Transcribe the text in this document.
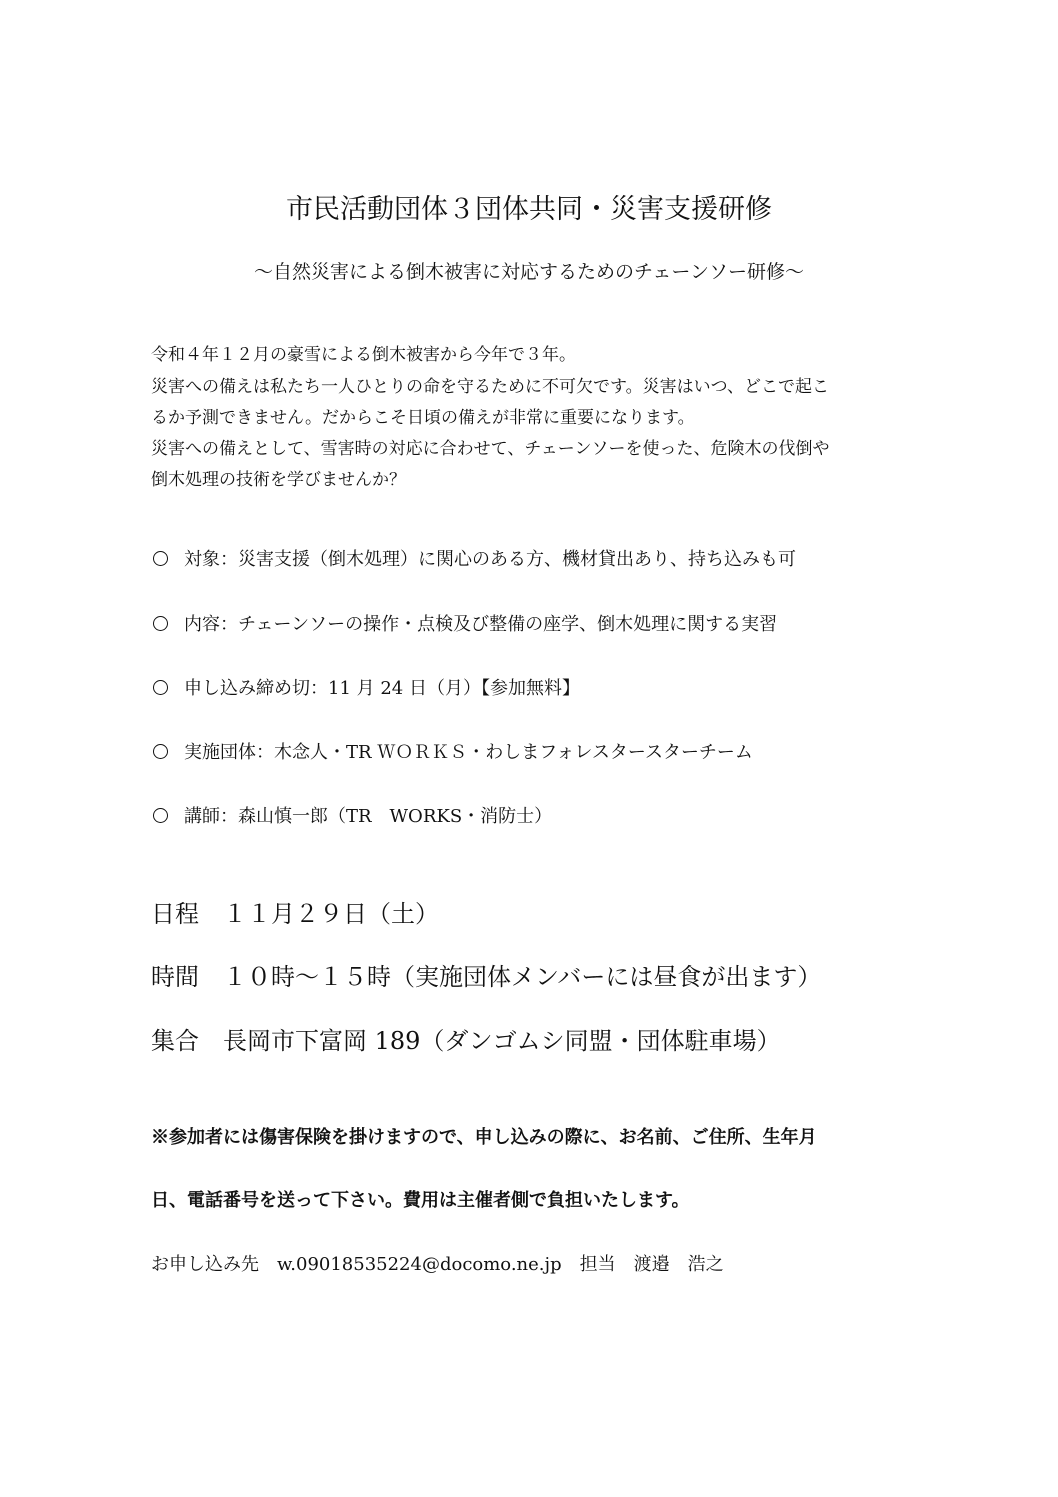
市民活動団体３団体共同・災害支援研修
～自然災害による倒木被害に対応するためのチェーンソー研修～
令和４年１２月の豪雪による倒木被害から今年で３年。
災害への備えは私たち一人ひとりの命を守るために不可欠です。災害はいつ、どこで起こ
るか予測できません。だからこそ日頃の備えが非常に重要になります。
災害への備えとして、雪害時の対応に合わせて、チェーンソーを使った、危険木の伐倒や
倒木処理の技術を学びませんか？
対象：災害支援（倒木処理）に関心のある方、機材貸出あり、持ち込みも可
内容：チェーンソーの操作・点検及び整備の座学、倒木処理に関する実習
申し込み締め切：11 月 24 日（月）【参加無料】
実施団体：木念人・TR ＷＯＲＫＳ・わしまフォレスタースターチーム
講師：森山慎一郎（TR　WORKS・消防士）
日程　１１月２９日（土）
時間　１０時～１５時（実施団体メンバーには昼食が出ます）
集合　長岡市下富岡 189（ダンゴムシ同盟・団体駐車場）
※参加者には傷害保険を掛けますので、申し込みの際に、お名前、ご住所、生年月
日、電話番号を送って下さい。費用は主催者側で負担いたします。
お申し込み先　w.09018535224@docomo.ne.jp　担当　渡邉　浩之
